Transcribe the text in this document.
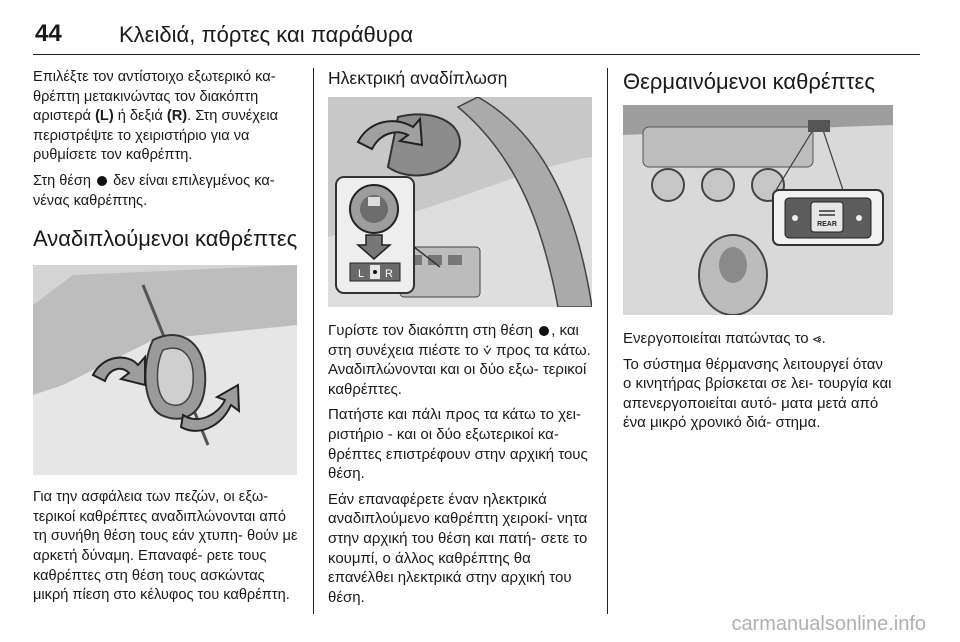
44	Κλειδιά, πόρτες και παράθυρα

Επιλέξτε τον αντίστοιχο εξωτερικό κα- θρέπτη μετακινώντας τον διακόπτη αριστερά (L) ή δεξιά (R). Στη συνέχεια περιστρέψτε το χειριστήριο για να ρυθμίσετε τον καθρέπτη.

Στη θέση  δεν είναι επιλεγμένος κα- νένας καθρέπτης.

Αναδιπλούμενοι καθρέπτες

Για την ασφάλεια των πεζών, οι εξω- τερικοί καθρέπτες αναδιπλώνονται από τη συνήθη θέση τους εάν χτυπη- θούν με αρκετή δύναμη. Επαναφέ- ρετε τους καθρέπτες στη θέση τους ασκώντας μικρή πίεση στο κέλυφος του καθρέπτη.

Ηλεκτρική αναδίπλωση
L R

Γυρίστε τον διακόπτη στη θέση , και στη συνέχεια πιέστε το ⩒ προς τα κάτω. Αναδιπλώνονται και οι δύο εξω- τερικοί καθρέπτες.

Πατήστε και πάλι προς τα κάτω το χει- ριστήριο - και οι δύο εξωτερικοί κα- θρέπτες επιστρέφουν στην αρχική τους θέση.

Εάν επαναφέρετε έναν ηλεκτρικά αναδιπλούμενο καθρέπτη χειροκί- νητα στην αρχική του θέση και πατή- σετε το κουμπί, ο άλλος καθρέπτης θα επανέλθει ηλεκτρικά στην αρχική του θέση.

Θερμαινόμενοι καθρέπτες
REAR

Ενεργοποιείται πατώντας το ⩹.

Το σύστημα θέρμανσης λειτουργεί όταν ο κινητήρας βρίσκεται σε λει- τουργία και απενεργοποιείται αυτό- ματα μετά από ένα μικρό χρονικό διά- στημα.

carmanualsonline.info
